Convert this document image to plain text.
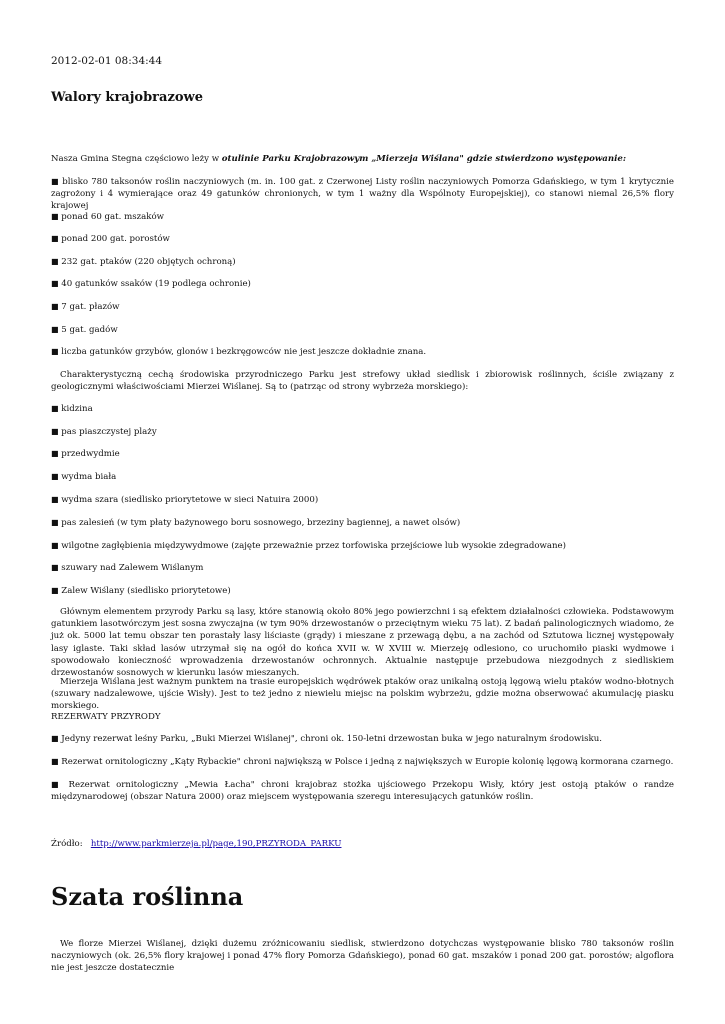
2012-02-01 08:34:44
Walory krajobrazowe

Nasza Gmina Stegna częściowo leży w otulinie Parku Krajobrazowym „Mierzeja Wiślana" gdzie stwierdzono występowanie:

■ blisko 780 taksonów roślin naczyniowych (m. in. 100 gat. z Czerwonej Listy roślin naczyniowych Pomorza Gdańskiego, w tym 1 krytycznie zagrożony i 4 wymierające oraz 49 gatunków chronionych, w tym 1 ważny dla Wspólnoty Europejskiej), co stanowi niemal 26,5% flory krajowej

■ ponad 60 gat. mszaków

■ ponad 200 gat. porostów

■ 232 gat. ptaków (220 objętych ochroną)

■ 40 gatunków ssaków (19 podlega ochronie)

■ 7 gat. płazów

■ 5 gat. gadów

■ liczba gatunków grzybów, glonów i bezkręgowców nie jest jeszcze dokładnie znana.

Charakterystyczną cechą środowiska przyrodniczego Parku jest strefowy układ siedlisk i zbiorowisk roślinnych, ściśle związany z geologicznymi właściwościami Mierzei Wiślanej. Są to (patrząc od strony wybrzeża morskiego):

■ kidzina

■ pas piaszczystej plaży

■ przedwydmie

■ wydma biała

■ wydma szara (siedlisko priorytetowe w sieci Natuira 2000)

■ pas zalesień (w tym płaty bażynowego boru sosnowego, brzeziny bagiennej, a nawet olsów)

■ wilgotne zagłębienia międzywydmowe (zajęte przeważnie przez torfowiska przejściowe lub wysokie zdegradowane)

■ szuwary nad Zalewem Wiślanym

■ Zalew Wiślany (siedlisko priorytetowe)

Głównym elementem przyrody Parku są lasy, które stanowią około 80% jego powierzchni i są efektem działalności człowieka. Podstawowym gatunkiem lasotwórczym jest sosna zwyczajna (w tym 90% drzewostanów o przeciętnym wieku 75 lat). Z badań palinologicznych wiadomo, że już ok. 5000 lat temu obszar ten porastały lasy liściaste (grądy) i mieszane z przewagą dębu, a na zachód od Sztutowa licznej występowały lasy iglaste. Taki skład lasów utrzymał się na ogół do końca XVII w. W XVIII w. Mierzeję odlesiono, co uruchomiło piaski wydmowe i spowodowało konieczność wprowadzenia drzewostanów ochronnych. Aktualnie następuje przebudowa niezgodnych z siedliskiem drzewostanów sosnowych w kierunku lasów mieszanych.

Mierzeja Wiślana jest ważnym punktem na trasie europejskich wędrówek ptaków oraz unikalną ostoją lęgową wielu ptaków wodno-błotnych (szuwary nadzalewowe, ujście Wisły). Jest to też jedno z niewielu miejsc na polskim wybrzeżu, gdzie można obserwować akumulację piasku morskiego.

REZERWATY PRZYRODY

■ Jedyny rezerwat leśny Parku, „Buki Mierzei Wiślanej", chroni ok. 150-letni drzewostan buka w jego naturalnym środowisku.

■ Rezerwat ornitologiczny „Kąty Rybackie" chroni największą w Polsce i jedną z największych w Europie kolonię lęgową kormorana czarnego.

■ Rezerwat ornitologiczny „Mewia Łacha" chroni krajobraz stożka ujściowego Przekopu Wisły, który jest ostoją ptaków o randze międzynarodowej (obszar Natura 2000) oraz miejscem występowania szeregu interesujących gatunków roślin.

Źródło: http://www.parkmierzeja.pl/page,190,PRZYRODA_PARKU

Szata roślinna

We florze Mierzei Wiślanej, dzięki dużemu zróżnicowaniu siedlisk, stwierdzono dotychczas występowanie blisko 780 taksonów roślin naczyniowych (ok. 26,5% flory krajowej i ponad 47% flory Pomorza Gdańskiego), ponad 60 gat. mszaków i ponad 200 gat. porostów; algoflora nie jest jeszcze dostatecznie
